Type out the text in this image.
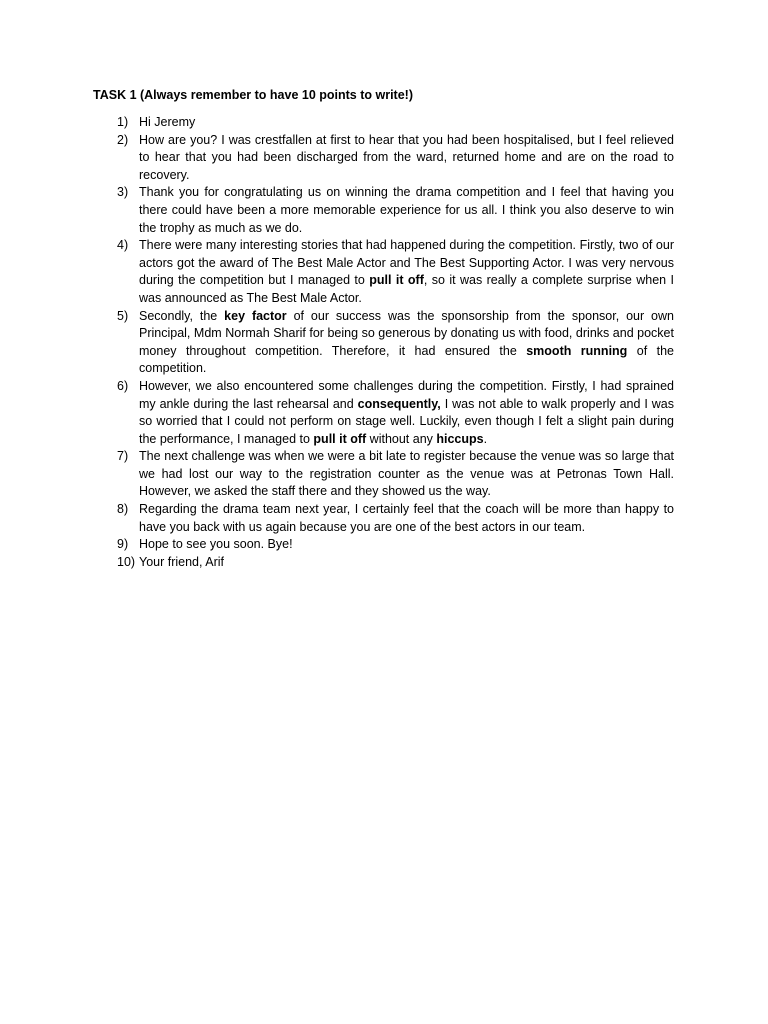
TASK 1 (Always remember to have 10 points to write!)
1) Hi Jeremy
2) How are you? I was crestfallen at first to hear that you had been hospitalised, but I feel relieved to hear that you had been discharged from the ward, returned home and are on the road to recovery.
3) Thank you for congratulating us on winning the drama competition and I feel that having you there could have been a more memorable experience for us all. I think you also deserve to win the trophy as much as we do.
4) There were many interesting stories that had happened during the competition. Firstly, two of our actors got the award of The Best Male Actor and The Best Supporting Actor. I was very nervous during the competition but I managed to pull it off, so it was really a complete surprise when I was announced as The Best Male Actor.
5) Secondly, the key factor of our success was the sponsorship from the sponsor, our own Principal, Mdm Normah Sharif for being so generous by donating us with food, drinks and pocket money throughout competition. Therefore, it had ensured the smooth running of the competition.
6) However, we also encountered some challenges during the competition. Firstly, I had sprained my ankle during the last rehearsal and consequently, I was not able to walk properly and I was so worried that I could not perform on stage well. Luckily, even though I felt a slight pain during the performance, I managed to pull it off without any hiccups.
7) The next challenge was when we were a bit late to register because the venue was so large that we had lost our way to the registration counter as the venue was at Petronas Town Hall. However, we asked the staff there and they showed us the way.
8) Regarding the drama team next year, I certainly feel that the coach will be more than happy to have you back with us again because you are one of the best actors in our team.
9) Hope to see you soon. Bye!
10) Your friend, Arif
